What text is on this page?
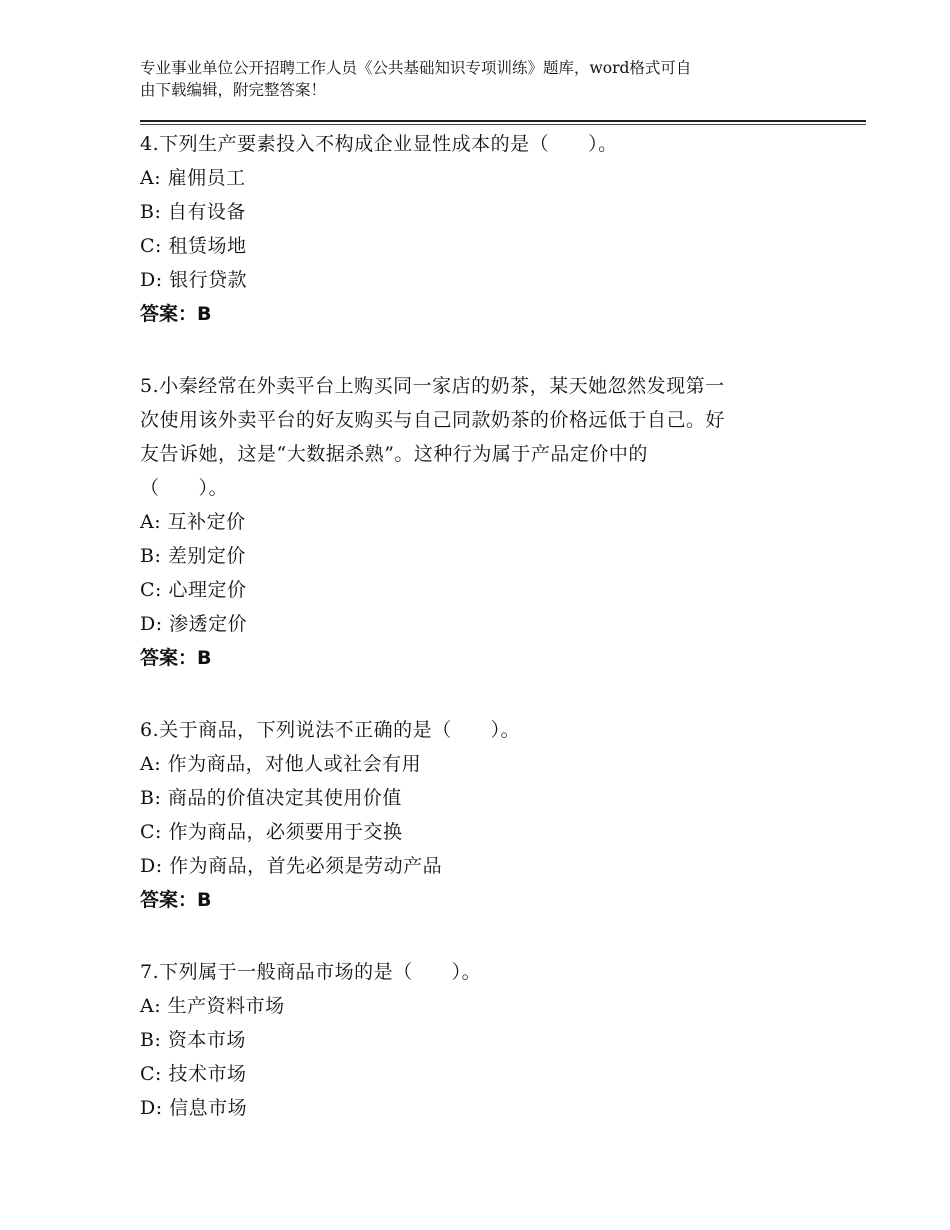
专业事业单位公开招聘工作人员《公共基础知识专项训练》题库，word格式可自
由下载编辑，附完整答案！
4.下列生产要素投入不构成企业显性成本的是（　　）。
A: 雇佣员工
B: 自有设备
C: 租赁场地
D: 银行贷款
答案：B
5.小秦经常在外卖平台上购买同一家店的奶茶，某天她忽然发现第一
次使用该外卖平台的好友购买与自己同款奶茶的价格远低于自己。好
友告诉她，这是“大数据杀熟”。这种行为属于产品定价中的
（　　）。
A: 互补定价
B: 差别定价
C: 心理定价
D: 渗透定价
答案：B
6.关于商品，下列说法不正确的是（　　）。
A: 作为商品，对他人或社会有用
B: 商品的价值决定其使用价值
C: 作为商品，必须要用于交换
D: 作为商品，首先必须是劳动产品
答案：B
7.下列属于一般商品市场的是（　　）。
A: 生产资料市场
B: 资本市场
C: 技术市场
D: 信息市场
